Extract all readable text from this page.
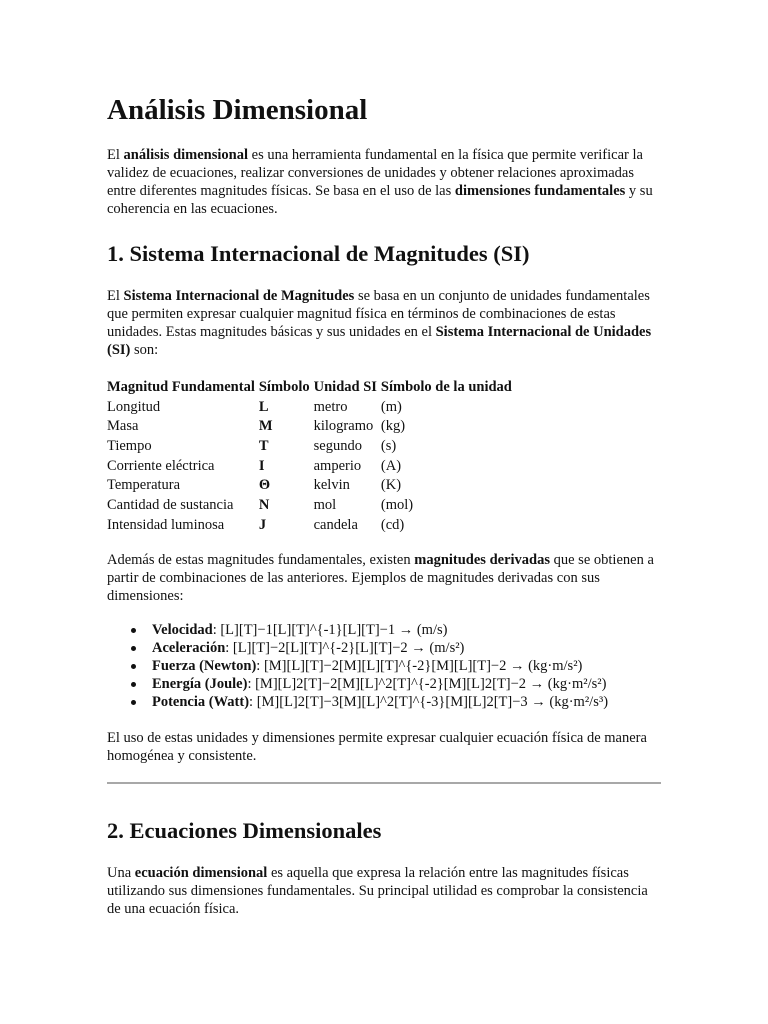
Análisis Dimensional

El análisis dimensional es una herramienta fundamental en la física que permite verificar la validez de ecuaciones, realizar conversiones de unidades y obtener relaciones aproximadas entre diferentes magnitudes físicas. Se basa en el uso de las dimensiones fundamentales y su coherencia en las ecuaciones.

1. Sistema Internacional de Magnitudes (SI)

El Sistema Internacional de Magnitudes se basa en un conjunto de unidades fundamentales que permiten expresar cualquier magnitud física en términos de combinaciones de estas unidades. Estas magnitudes básicas y sus unidades en el Sistema Internacional de Unidades (SI) son:

Magnitud Fundamental	Símbolo	Unidad SI	Símbolo de la unidad
Longitud	L	metro	(m)
Masa	M	kilogramo	(kg)
Tiempo	T	segundo	(s)
Corriente eléctrica	I	amperio	(A)
Temperatura	Θ	kelvin	(K)
Cantidad de sustancia	N	mol	(mol)
Intensidad luminosa	J	candela	(cd)

Además de estas magnitudes fundamentales, existen magnitudes derivadas que se obtienen a partir de combinaciones de las anteriores. Ejemplos de magnitudes derivadas con sus dimensiones:

Velocidad: [L][T]−1[L][T]^{-1}[L][T]−1 → (m/s)
Aceleración: [L][T]−2[L][T]^{-2}[L][T]−2 → (m/s²)
Fuerza (Newton): [M][L][T]−2[M][L][T]^{-2}[M][L][T]−2 → (kg·m/s²)
Energía (Joule): [M][L]2[T]−2[M][L]^2[T]^{-2}[M][L]2[T]−2 → (kg·m²/s²)
Potencia (Watt): [M][L]2[T]−3[M][L]^2[T]^{-3}[M][L]2[T]−3 → (kg·m²/s³)

El uso de estas unidades y dimensiones permite expresar cualquier ecuación física de manera homogénea y consistente.

2. Ecuaciones Dimensionales

Una ecuación dimensional es aquella que expresa la relación entre las magnitudes físicas utilizando sus dimensiones fundamentales. Su principal utilidad es comprobar la consistencia de una ecuación física.
